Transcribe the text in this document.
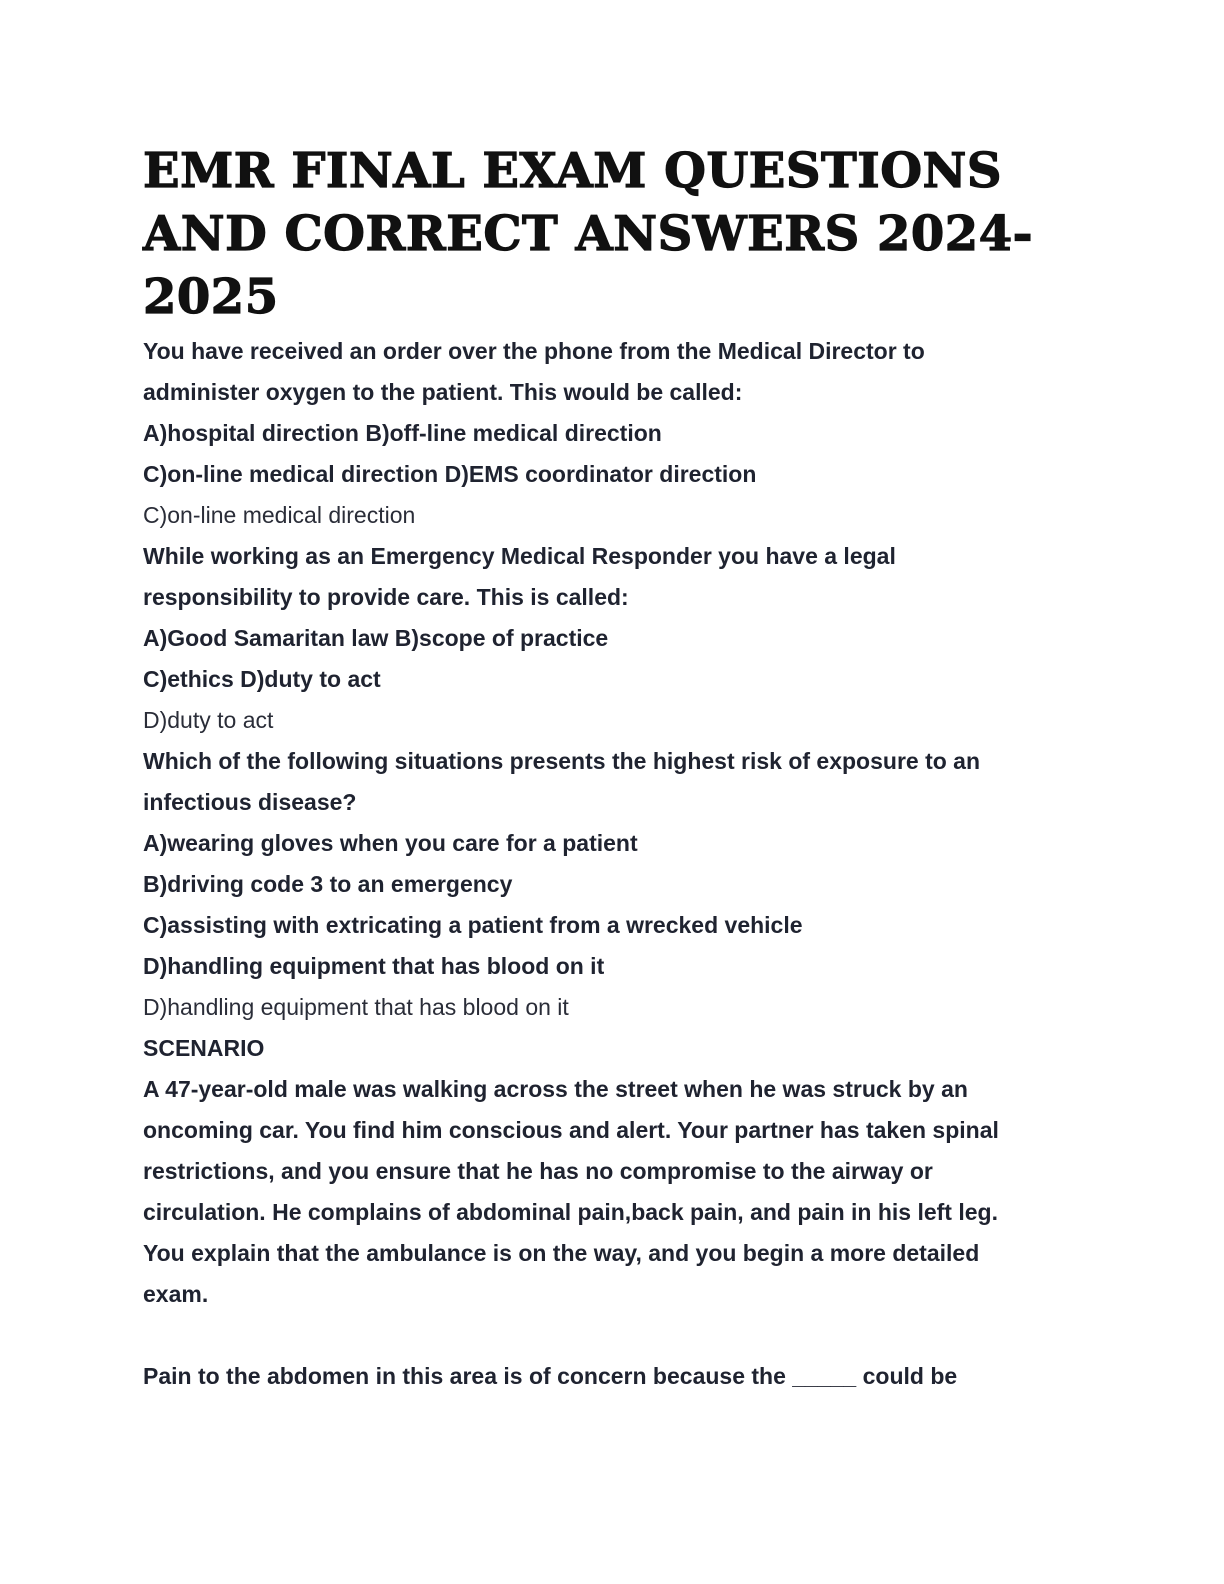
EMR FINAL EXAM QUESTIONS
AND CORRECT ANSWERS 2024-
2025

You have received an order over the phone from the Medical Director to

administer oxygen to the patient. This would be called:

A)hospital direction B)off-line medical direction

C)on-line medical direction D)EMS coordinator direction

C)on-line medical direction

While working as an Emergency Medical Responder you have a legal

responsibility to provide care. This is called:

A)Good Samaritan law B)scope of practice

C)ethics D)duty to act

D)duty to act

Which of the following situations presents the highest risk of exposure to an

infectious disease?

A)wearing gloves when you care for a patient

B)driving code 3 to an emergency

C)assisting with extricating a patient from a wrecked vehicle

D)handling equipment that has blood on it

D)handling equipment that has blood on it

SCENARIO

A 47-year-old male was walking across the street when he was struck by an

oncoming car. You find him conscious and alert. Your partner has taken spinal

restrictions, and you ensure that he has no compromise to the airway or

circulation. He complains of abdominal pain,back pain, and pain in his left leg.

You explain that the ambulance is on the way, and you begin a more detailed

exam.

Pain to the abdomen in this area is of concern because the _____ could be
